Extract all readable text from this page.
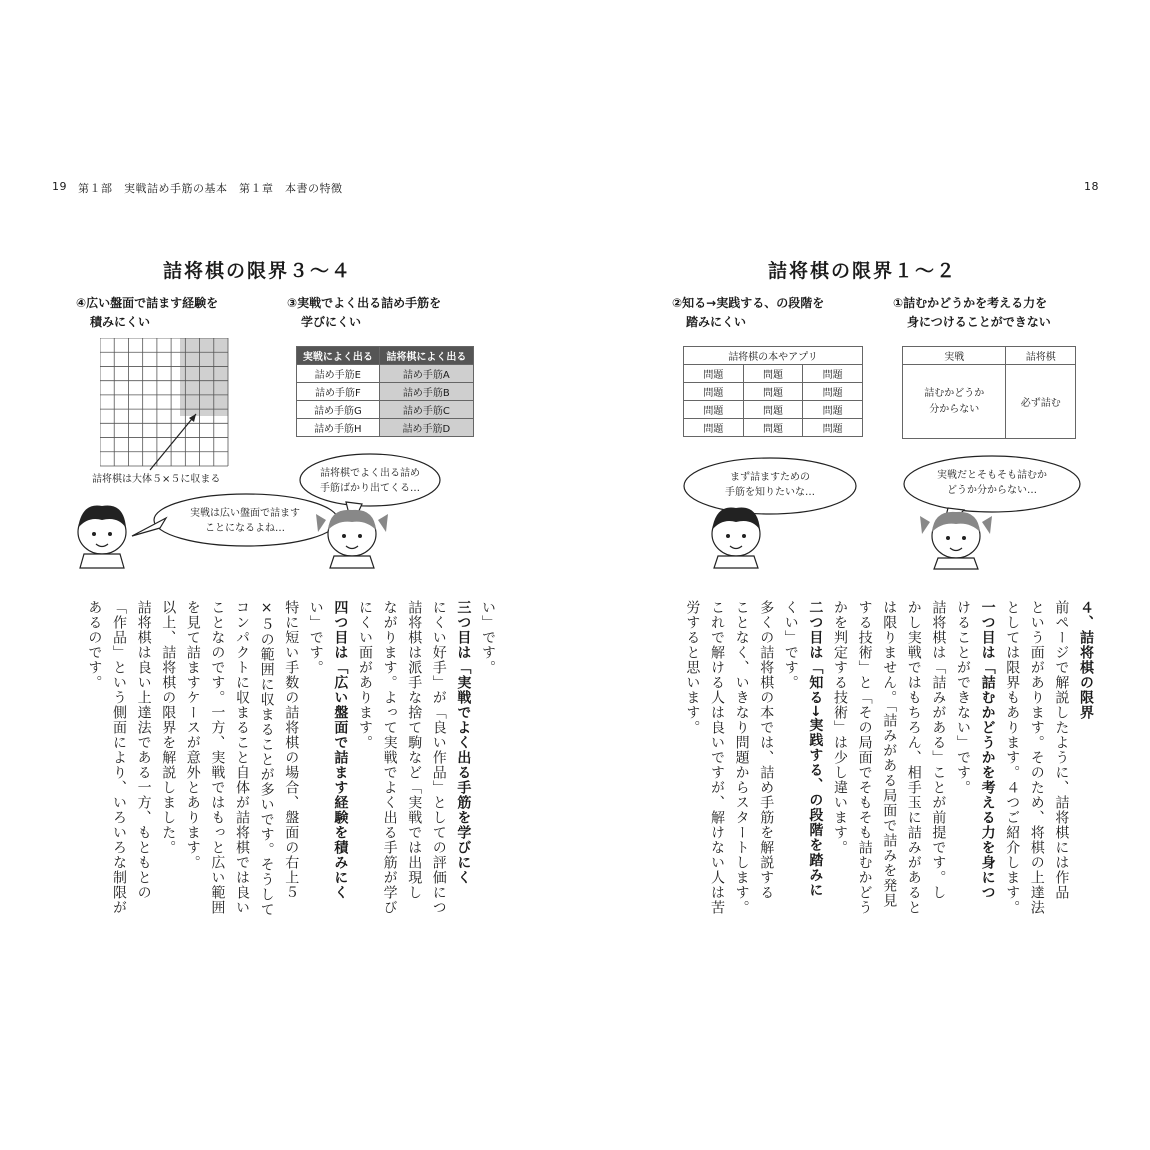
19 第１部　実戦詰め手筋の基本　第１章　本書の特徴	18
詰将棋の限界３～４
④広い盤面で詰ます経験を
積みにくい
③実戦でよく出る詰め手筋を
学びにくい
詰将棋は大体５×５に収まる
実戦によく出る	詰将棋によく出る
詰め手筋E	詰め手筋A
詰め手筋F	詰め手筋B
詰め手筋G	詰め手筋C
詰め手筋H	詰め手筋D
実戦は広い盤面で詰ます
ことになるよね…
詰将棋でよく出る詰め
手筋ばかり出てくる…
詰将棋の限界１～２
②知る→実践する、の段階を
踏みにくい
①詰むかどうかを考える力を
身につけることができない
詰将棋の本やアプリ		
問題	問題	問題
問題	問題	問題
問題	問題	問題
問題	問題	問題
実戦	詰将棋

詰むかどうか
分からない	必ず詰む
まず詰ますための
手筋を知りたいな…
実戦だとそもそも詰むか
どうか分からない…
い」です。
三つ目は「実戦でよく出る手筋を学びにく
にくい好手」が「良い作品」としての評価につ
詰将棋は派手な捨て駒など「実戦では出現し
ながります。よって実戦でよく出る手筋が学び
にくい面があります。
四つ目は「広い盤面で詰ます経験を積みにく
い」です。
特に短い手数の詰将棋の場合、盤面の右上５
×５の範囲に収まることが多いです。そうして
コンパクトに収まること自体が詰将棋では良い
ことなのです。一方、実戦ではもっと広い範囲
を見て詰ますケースが意外とあります。
以上、詰将棋の限界を解説しました。
詰将棋は良い上達法である一方、もともとの
「作品」という側面により、いろいろな制限が
あるのです。	４、詰将棋の限界
前ページで解説したように、詰将棋には作品
という面があります。そのため、将棋の上達法
としては限界もあります。４つご紹介します。
一つ目は「詰むかどうかを考える力を身につ
けることができない」です。
詰将棋は「詰みがある」ことが前提です。し
かし実戦ではもちろん、相手玉に詰みがあると
は限りません。「詰みがある局面で詰みを発見
する技術」と「その局面でそもそも詰むかどう
かを判定する技術」は少し違います。
二つ目は「知る→実践する、の段階を踏みに
くい」です。
多くの詰将棋の本では、詰め手筋を解説する
ことなく、いきなり問題からスタートします。
これで解ける人は良いですが、解けない人は苦
労すると思います。
